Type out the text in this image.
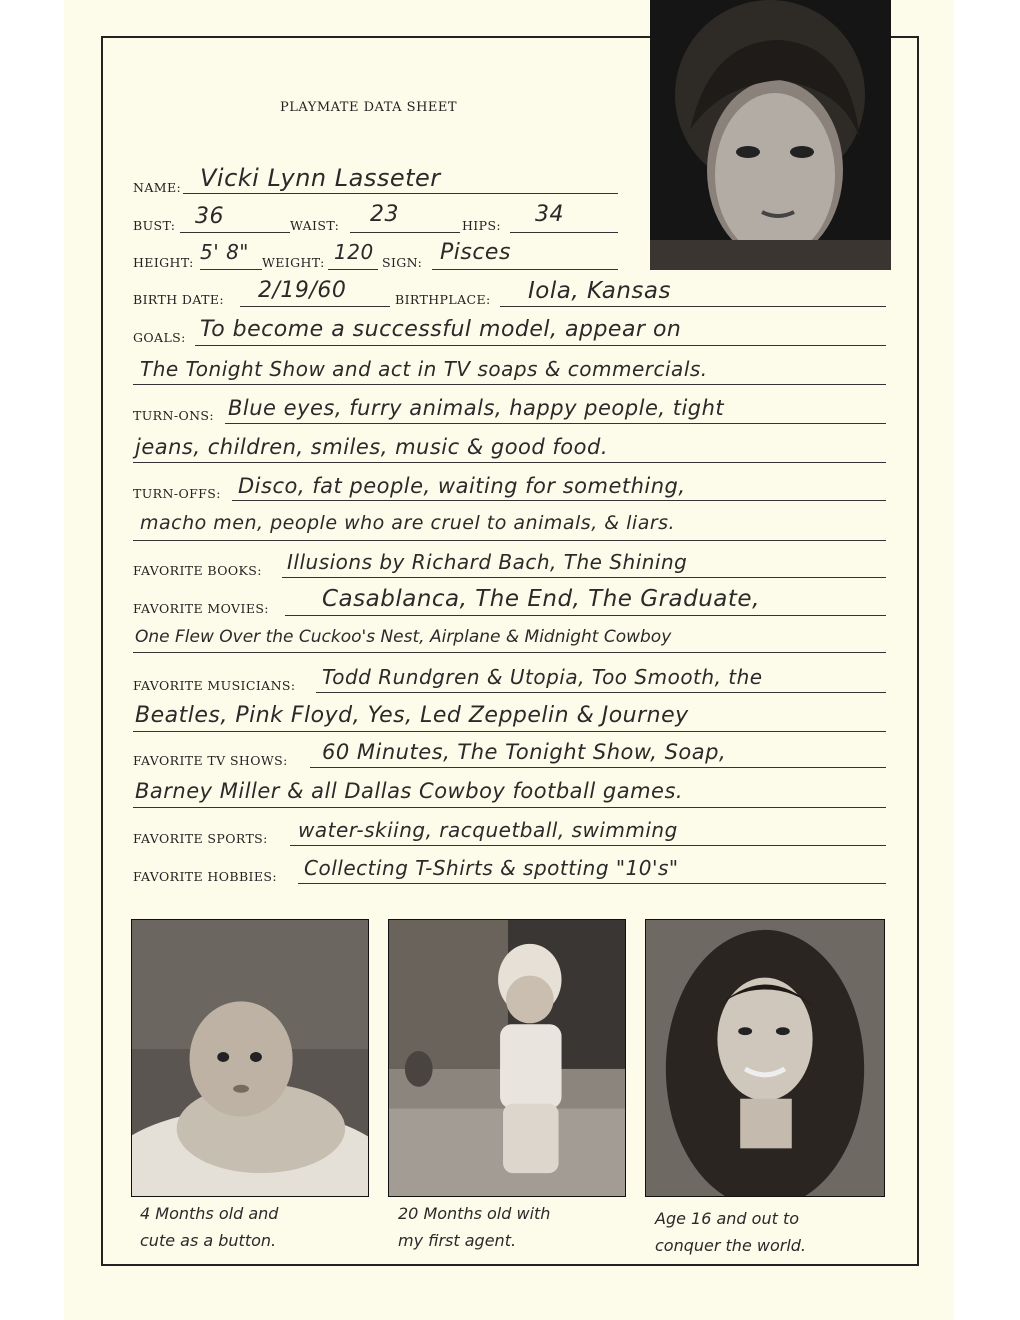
PLAYMATE DATA SHEET
NAME: Vicki Lynn Lasseter
BUST: 36	WAIST: 23	HIPS: 34
HEIGHT: 5' 8" WEIGHT: 120 SIGN: Pisces
BIRTH DATE: 2/19/60	BIRTHPLACE: Iola, Kansas
GOALS: To become a successful model, appear on
The Tonight Show and act in TV soaps & commercials.
TURN-ONS: Blue eyes, furry animals, happy people, tight
jeans, children, smiles, music & good food.
TURN-OFFS: Disco, fat people, waiting for something,
macho men, people who are cruel to animals, & liars.
FAVORITE BOOKS: Illusions by Richard Bach, The Shining
FAVORITE MOVIES: Casablanca, The End, The Graduate,
One Flew Over the Cuckoo's Nest, Airplane & Midnight Cowboy
FAVORITE MUSICIANS: Todd Rundgren & Utopia, Too Smooth, the
Beatles, Pink Floyd, Yes, Led Zeppelin & Journey
FAVORITE TV SHOWS: 60 Minutes, The Tonight Show, Soap,
Barney Miller & all Dallas Cowboy football games.
FAVORITE SPORTS: water-skiing, racquetball, swimming
FAVORITE HOBBIES: Collecting T-Shirts & spotting "10's"
4 Months old and
cute as a button.
20 Months old with
my first agent.
Age 16 and out to
conquer the world.
